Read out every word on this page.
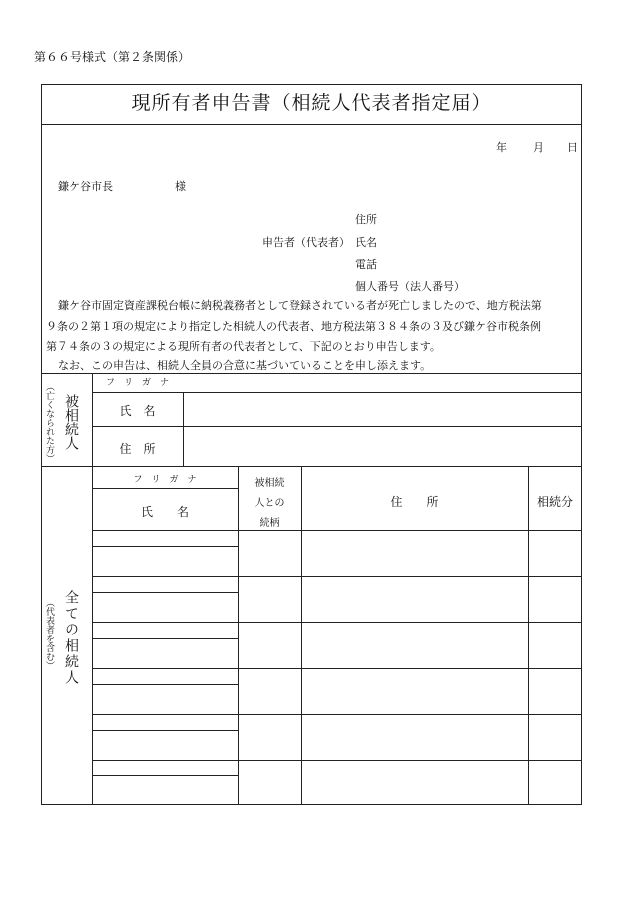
第６６号様式（第２条関係）
現所有者申告書（相続人代表者指定届）
年 月 日
鎌ケ谷市長	様
住所
申告者（代表者） 氏名
電話
個人番号（法人番号）
鎌ケ谷市固定資産課税台帳に納税義務者として登録されている者が死亡しましたので、地方税法第
９条の２第１項の規定により指定した相続人の代表者、地方税法第３８４条の３及び鎌ケ谷市税条例
第７４条の３の規定による現所有者の代表者として、下記のとおり申告します。
なお、この申告は、相続人全員の合意に基づいていることを申し添えます。
（亡くなられた方） 被相続人
フ　リ　ガ　ナ
氏　名
住　所
（代表者を含む） 全ての相続人
フ　リ　ガ　ナ
氏　　名
被相続
人との
続柄
住　　所	相続分
